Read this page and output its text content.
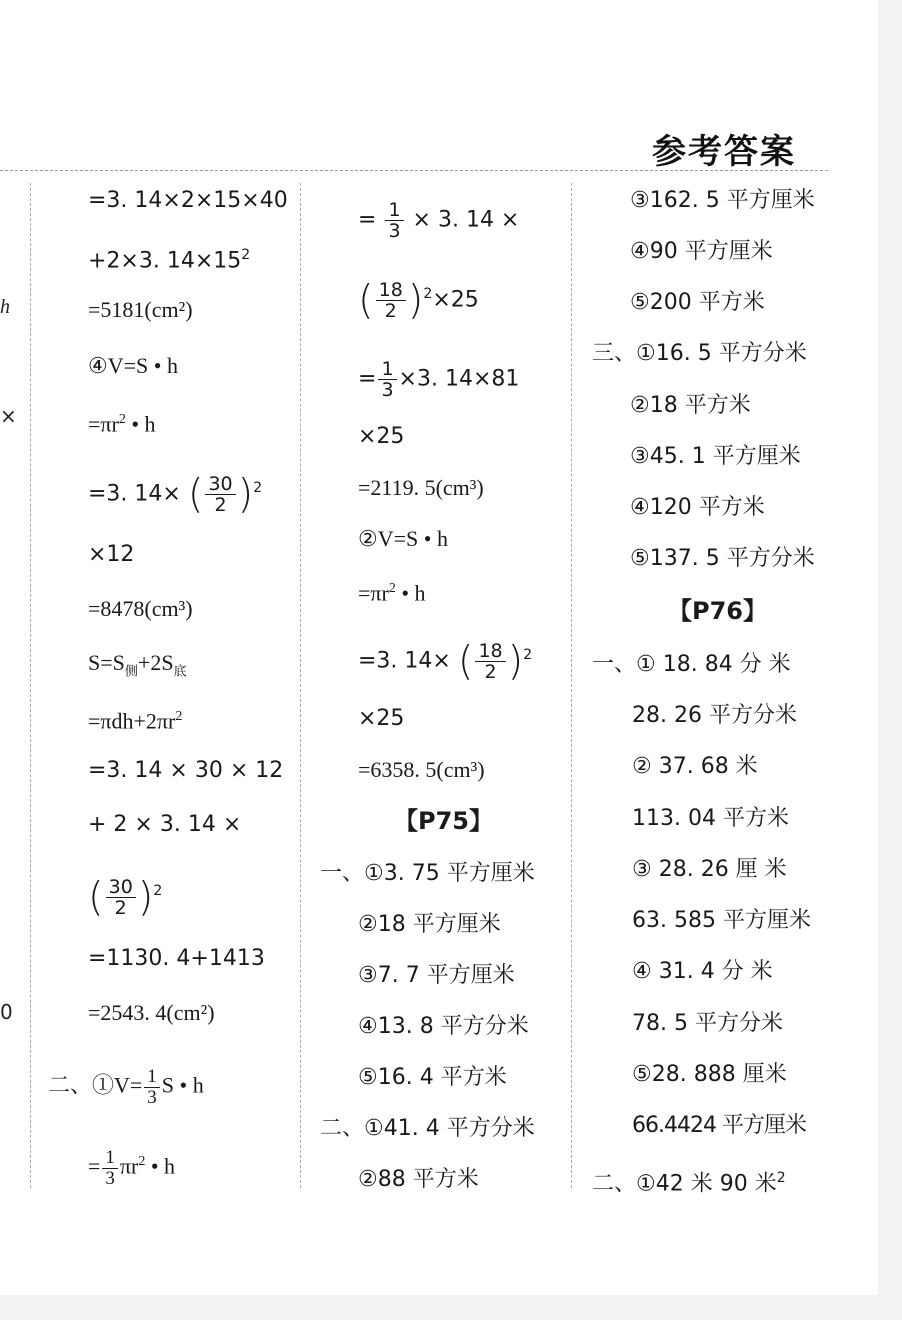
参考答案
h
×
0
=3. 14×2×15×40
+2×3. $14\times 15^2$
=5181(cm²)
④V=S • h
$=\pi r^2$ • h
=3. 14× ( $\frac{30}{2} )^2$
×12
=8478(cm³)
$S=S_侧+2S_底$
$=\pi dh+2\pi r^2$
=3. 14 × 30 × 12
+ 2 × 3. 14 ×
( $\frac{30}{2} )^2$
=1130. 4+1413
=2543. 4(cm²)
二、①V= $\frac{1}{3}$ S • h
= $\frac{1}{3} \pi r^2$ • h
= $\frac{1}{3} \times 3$. 14 ×
( $\frac{18}{2} )^2\times 25$
= $\frac{1}{3} \times 3$. 14×81
×25
=2119. 5(cm³)
②V=S • h
$=\pi r^2$ • h
=3. 14× ( $\frac{18}{2} )^2$
×25
=6358. 5(cm³)
【P75】
一、①3. 75 平方厘米
②18 平方厘米
③7. 7 平方厘米
④13. 8 平方分米
⑤16. 4 平方米
二、①41. 4 平方分米
②88 平方米
③162. 5 平方厘米
④90 平方厘米
⑤200 平方米
三、①16. 5 平方分米
②18 平方米
③45. 1 平方厘米
④120 平方米
⑤137. 5 平方分米
【P76】
一、① 18. 84 分 米
28. 26 平方分米
② 37. 68 米
113. 04 平方米
③ 28. 26 厘 米
63. 585 平方厘米
④ 31. 4 分 米
78. 5 平方分米
⑤28. 888 厘米
66.4424 平方厘米
二、①42 米 90 米$^2$
